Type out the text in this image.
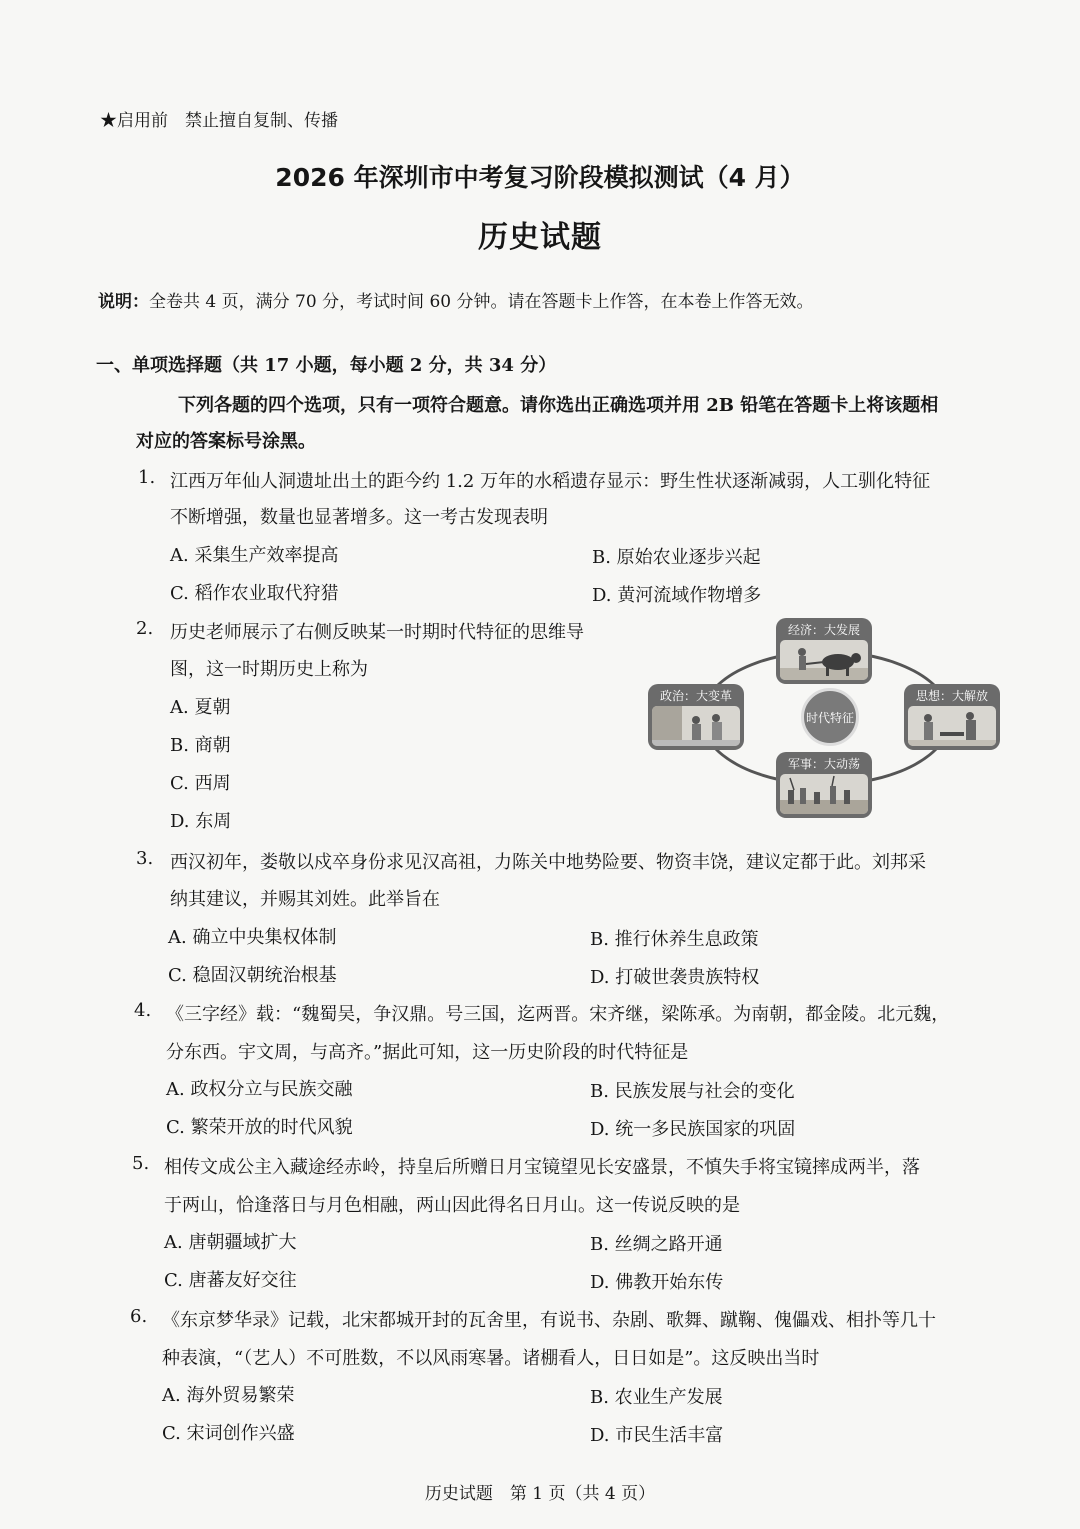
★启用前　禁止擅自复制、传播
2026 年深圳市中考复习阶段模拟测试（4 月）
历史试题
说明：全卷共 4 页，满分 70 分，考试时间 60 分钟。请在答题卡上作答，在本卷上作答无效。
一、单项选择题（共 17 小题，每小题 2 分，共 34 分）
下列各题的四个选项，只有一项符合题意。请你选出正确选项并用 2B 铅笔在答题卡上将该题相
对应的答案标号涂黑。
1. 江西万年仙人洞遗址出土的距今约 1.2 万年的水稻遗存显示：野生性状逐渐减弱，人工驯化特征
不断增强，数量也显著增多。这一考古发现表明
A. 采集生产效率提高	B. 原始农业逐步兴起
C. 稻作农业取代狩猎	D. 黄河流域作物增多
2. 历史老师展示了右侧反映某一时期时代特征的思维导
图，这一时期历史上称为
A. 夏朝
B. 商朝
C. 西周
D. 东周
经济：大发展
政治：大变革	思想：大解放
军事：大动荡
时代特征
3. 西汉初年，娄敬以戍卒身份求见汉高祖，力陈关中地势险要、物资丰饶，建议定都于此。刘邦采
纳其建议，并赐其刘姓。此举旨在
A. 确立中央集权体制	B. 推行休养生息政策
C. 稳固汉朝统治根基	D. 打破世袭贵族特权
4. 《三字经》载：“魏蜀吴，争汉鼎。号三国，迄两晋。宋齐继，梁陈承。为南朝，都金陵。北元魏，
分东西。宇文周，与高齐。”据此可知，这一历史阶段的时代特征是
A. 政权分立与民族交融	B. 民族发展与社会的变化
C. 繁荣开放的时代风貌	D. 统一多民族国家的巩固
5. 相传文成公主入藏途经赤岭，持皇后所赠日月宝镜望见长安盛景，不慎失手将宝镜摔成两半，落
于两山，恰逢落日与月色相融，两山因此得名日月山。这一传说反映的是
A. 唐朝疆域扩大	B. 丝绸之路开通
C. 唐蕃友好交往	D. 佛教开始东传
6. 《东京梦华录》记载，北宋都城开封的瓦舍里，有说书、杂剧、歌舞、蹴鞠、傀儡戏、相扑等几十
种表演，“（艺人）不可胜数，不以风雨寒暑。诸棚看人，日日如是”。这反映出当时
A. 海外贸易繁荣	B. 农业生产发展
C. 宋词创作兴盛	D. 市民生活丰富
历史试题　第 1 页（共 4 页）
